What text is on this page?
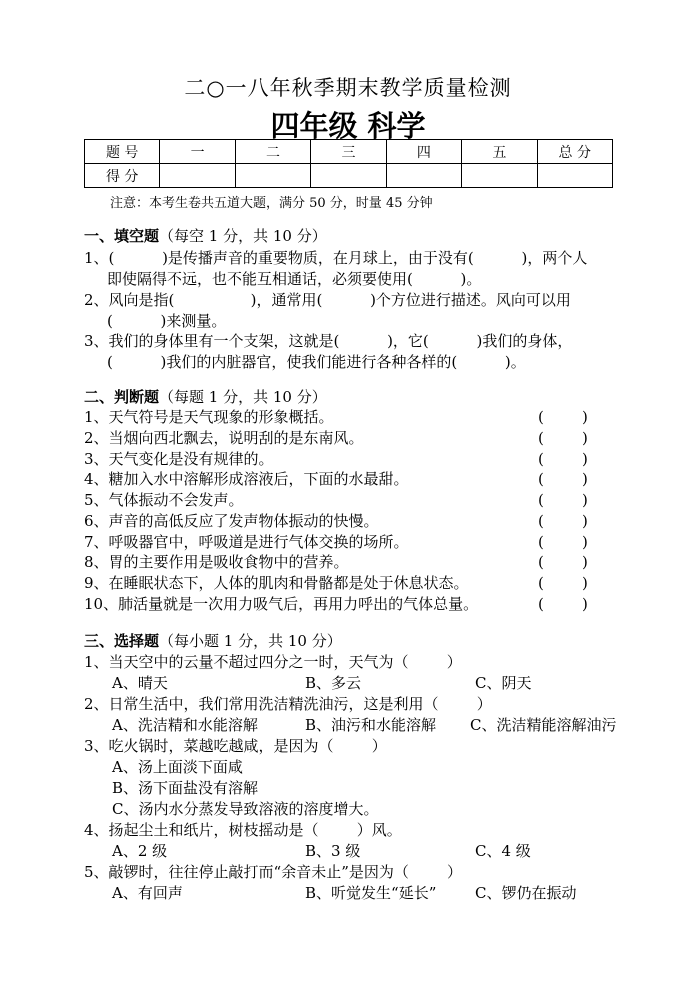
二○一八年秋季期末教学质量检测
四年级 科学
题 号	一	二	三	四	五	总 分
得 分						
注意：本考生卷共五道大题，满分 50 分，时量 45 分钟
一、填空题（每空 1 分，共 10 分）
1、(          )是传播声音的重要物质，在月球上，由于没有(          )，两个人
即使隔得不远，也不能互相通话，必须要使用(          )。
2、风向是指(                )，通常用(          )个方位进行描述。风向可以用
(          )来测量。
3、我们的身体里有一个支架，这就是(          )，它(          )我们的身体，
(          )我们的内脏器官，使我们能进行各种各样的(          )。
二、判断题（每题 1 分，共 10 分）
1、天气符号是天气现象的形象概括。	(        )
2、当烟向西北飘去，说明刮的是东南风。	(        )
3、天气变化是没有规律的。	(        )
4、糖加入水中溶解形成溶液后，下面的水最甜。	(        )
5、气体振动不会发声。	(        )
6、声音的高低反应了发声物体振动的快慢。	(        )
7、呼吸器官中，呼吸道是进行气体交换的场所。	(        )
8、胃的主要作用是吸收食物中的营养。	(        )
9、在睡眠状态下，人体的肌肉和骨骼都是处于休息状态。	(        )
10、肺活量就是一次用力吸气后，再用力呼出的气体总量。	(        )
三、选择题（每小题 1 分，共 10 分）
1、当天空中的云量不超过四分之一时，天气为（        ）
A、晴天	B、多云	C、阴天
2、日常生活中，我们常用洗洁精洗油污，这是利用（        ）
A、洗洁精和水能溶解	B、油污和水能溶解 C、洗洁精能溶解油污
3、吃火锅时，菜越吃越咸，是因为（        ）
A、汤上面淡下面咸
B、汤下面盐没有溶解
C、汤内水分蒸发导致溶液的溶度增大。
4、扬起尘土和纸片，树枝摇动是（        ）风。
A、2 级	B、3 级	C、4 级
5、敲锣时，往往停止敲打而“余音未止”是因为（        ）
A、有回声	B、听觉发生“延长”	C、锣仍在振动
